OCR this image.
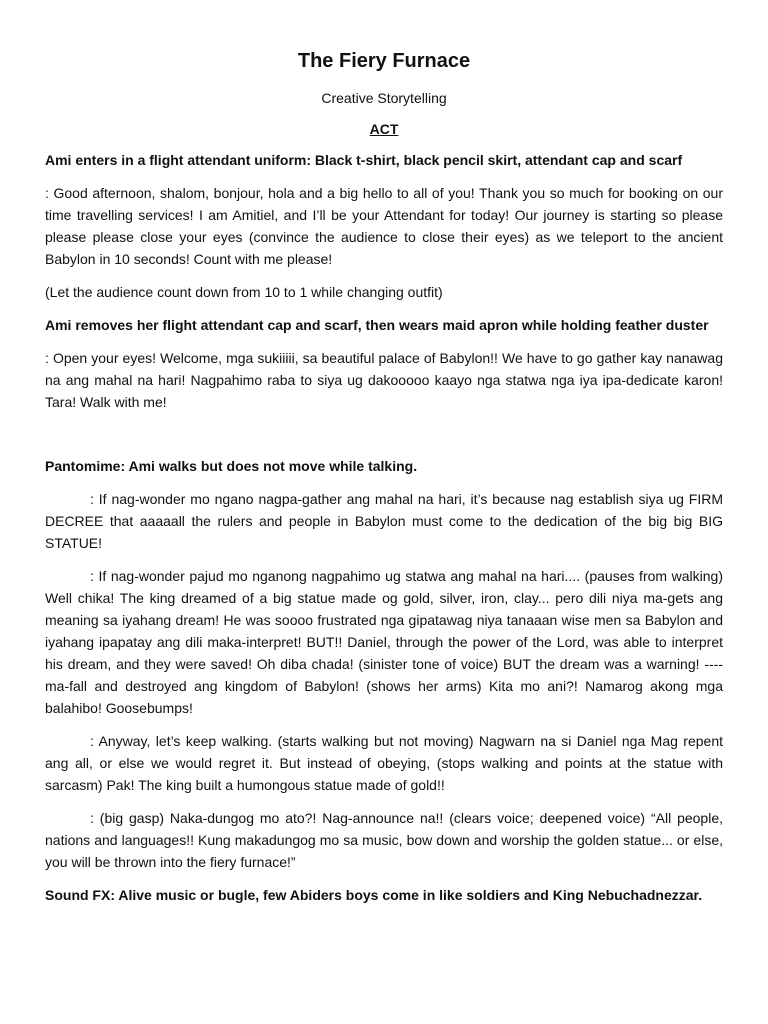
The Fiery Furnace
Creative Storytelling
ACT

Ami enters in a flight attendant uniform: Black t-shirt, black pencil skirt, attendant cap and scarf

: Good afternoon, shalom, bonjour, hola and a big hello to all of you! Thank you so much for booking on our time travelling services! I am Amitiel, and I’ll be your Attendant for today! Our journey is starting so please please please close your eyes (convince the audience to close their eyes) as we teleport to the ancient Babylon in 10 seconds! Count with me please!

(Let the audience count down from 10 to 1 while changing outfit)

Ami removes her flight attendant cap and scarf, then wears maid apron while holding feather duster

: Open your eyes! Welcome, mga sukiiiii, sa beautiful palace of Babylon!! We have to go gather kay nanawag na ang mahal na hari! Nagpahimo raba to siya ug dakooooo kaayo nga statwa nga iya ipa-dedicate karon! Tara! Walk with me!

Pantomime: Ami walks but does not move while talking.

: If nag-wonder mo ngano nagpa-gather ang mahal na hari, it’s because nag establish siya ug FIRM DECREE that aaaaall the rulers and people in Babylon must come to the dedication of the big big BIG STATUE!

: If nag-wonder pajud mo nganong nagpahimo ug statwa ang mahal na hari.... (pauses from walking) Well chika! The king dreamed of a big statue made og gold, silver, iron, clay... pero dili niya ma-gets ang meaning sa iyahang dream! He was soooo frustrated nga gipatawag niya tanaaan wise men sa Babylon and iyahang ipapatay ang dili maka-interpret! BUT!! Daniel, through the power of the Lord, was able to interpret his dream, and they were saved! Oh diba chada! (sinister tone of voice) BUT the dream was a warning! ---- ma-fall and destroyed ang kingdom of Babylon! (shows her arms) Kita mo ani?! Namarog akong mga balahibo! Goosebumps!

: Anyway, let’s keep walking. (starts walking but not moving) Nagwarn na si Daniel nga Mag repent ang all, or else we would regret it. But instead of obeying, (stops walking and points at the statue with sarcasm) Pak! The king built a humongous statue made of gold!!

: (big gasp) Naka-dungog mo ato?! Nag-announce na!! (clears voice; deepened voice) “All people, nations and languages!! Kung makadungog mo sa music, bow down and worship the golden statue... or else, you will be thrown into the fiery furnace!”

Sound FX: Alive music or bugle, few Abiders boys come in like soldiers and King Nebuchadnezzar.
